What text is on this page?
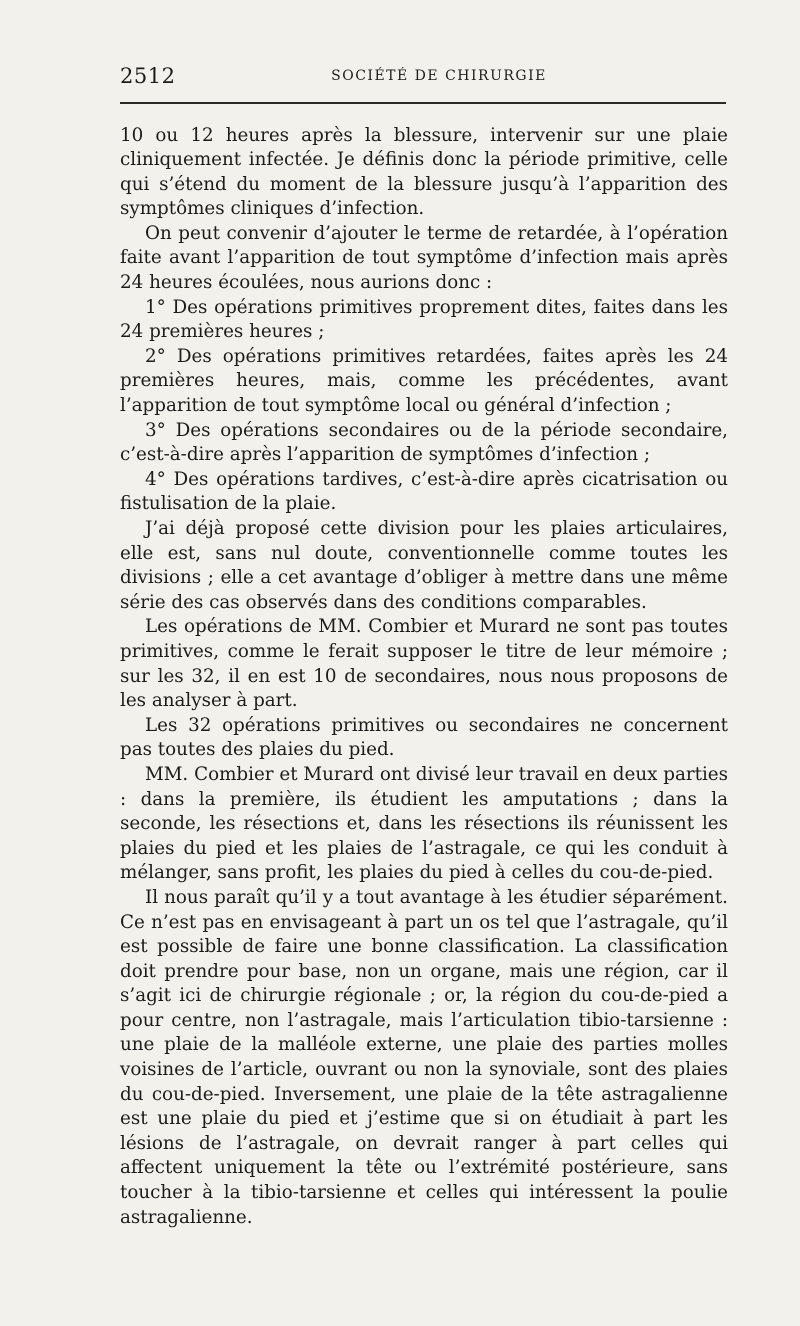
2512	SOCIÉTÉ DE CHIRURGIE

10 ou 12 heures après la blessure, intervenir sur une plaie cliniquement infectée. Je définis donc la période primitive, celle qui s’étend du moment de la blessure jusqu’à l’apparition des symptômes cliniques d’infection.

On peut convenir d’ajouter le terme de retardée, à l’opération faite avant l’apparition de tout symptôme d’infection mais après 24 heures écoulées, nous aurions donc :

1° Des opérations primitives proprement dites, faites dans les 24 premières heures ;

2° Des opérations primitives retardées, faites après les 24 premières heures, mais, comme les précédentes, avant l’apparition de tout symptôme local ou général d’infection ;

3° Des opérations secondaires ou de la période secondaire, c’est-à-dire après l’apparition de symptômes d’infection ;

4° Des opérations tardives, c’est-à-dire après cicatrisation ou fistulisation de la plaie.

J’ai déjà proposé cette division pour les plaies articulaires, elle est, sans nul doute, conventionnelle comme toutes les divisions ; elle a cet avantage d’obliger à mettre dans une même série des cas observés dans des conditions comparables.

Les opérations de MM. Combier et Murard ne sont pas toutes primitives, comme le ferait supposer le titre de leur mémoire ; sur les 32, il en est 10 de secondaires, nous nous proposons de les analyser à part.

Les 32 opérations primitives ou secondaires ne concernent pas toutes des plaies du pied.

MM. Combier et Murard ont divisé leur travail en deux parties : dans la première, ils étudient les amputations ; dans la seconde, les résections et, dans les résections ils réunissent les plaies du pied et les plaies de l’astragale, ce qui les conduit à mélanger, sans profit, les plaies du pied à celles du cou-de-pied.

Il nous paraît qu’il y a tout avantage à les étudier séparément. Ce n’est pas en envisageant à part un os tel que l’astragale, qu’il est possible de faire une bonne classification. La classification doit prendre pour base, non un organe, mais une région, car il s’agit ici de chirurgie régionale ; or, la région du cou-de-pied a pour centre, non l’astragale, mais l’articulation tibio-tarsienne : une plaie de la malléole externe, une plaie des parties molles voisines de l’article, ouvrant ou non la synoviale, sont des plaies du cou-de-pied. Inversement, une plaie de la tête astragalienne est une plaie du pied et j’estime que si on étudiait à part les lésions de l’astragale, on devrait ranger à part celles qui affectent uniquement la tête ou l’extrémité postérieure, sans toucher à la tibio-tarsienne et celles qui intéressent la poulie astragalienne.
